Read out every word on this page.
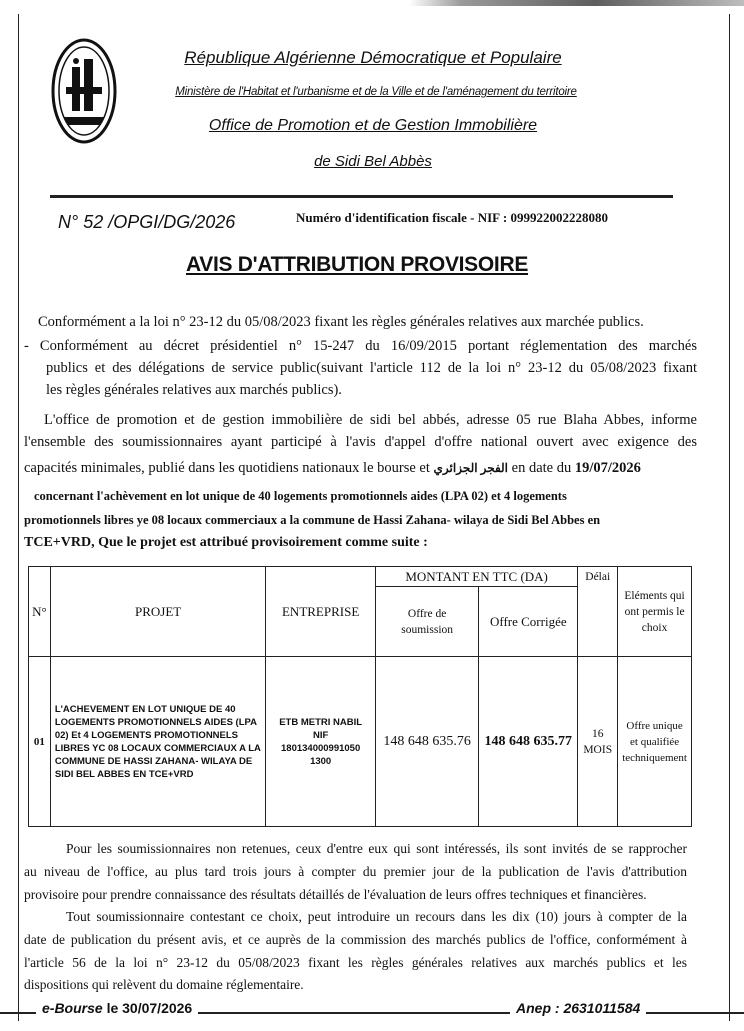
République Algérienne Démocratique et Populaire
Ministère de l'Habitat et l'urbanisme et de la Ville et de l'aménagement du territoire
Office de Promotion et de Gestion Immobilière
de Sidi Bel Abbès
N° 52 /OPGI/DG/2026	Numéro d'identification fiscale - NIF : 099922002228080
AVIS D'ATTRIBUTION PROVISOIRE
Conformément a la loi n° 23-12 du 05/08/2023 fixant les règles générales relatives aux marchée publics.
- Conformément au décret présidentiel n° 15-247 du 16/09/2015 portant réglementation des marchés
publics et des délégations de service public(suivant l'article 112 de la loi n° 23-12 du 05/08/2023 fixant
les règles générales relatives aux marchés publics).
L'office de promotion et de gestion immobilière de sidi bel abbés, adresse 05 rue Blaha Abbes, informe
l'ensemble des soumissionnaires ayant participé à l'avis d'appel d'offre national ouvert avec exigence des
capacités minimales, publié dans les quotidiens nationaux le bourse et الفجر الجزائري en date du 19/07/2026
concernant l'achèvement en lot unique de 40 logements promotionnels aides (LPA 02) et 4 logements
promotionnels libres ye 08 locaux commerciaux a la commune de Hassi Zahana- wilaya de Sidi Bel Abbes en
TCE+VRD, Que le projet est attribué provisoirement comme suite :
N°	PROJET	ENTREPRISE	MONTANT EN TTC (DA)		Délai	Eléments qui ont permis le choix
			Offre de soumission	Offre Corrigée		
01	L'ACHEVEMENT EN LOT UNIQUE DE 40 LOGEMENTS PROMOTIONNELS AIDES (LPA 02) Et 4 LOGEMENTS PROMOTIONNELS LIBRES YC 08 LOCAUX COMMERCIAUX A LA COMMUNE DE HASSI ZAHANA- WILAYA DE SIDI BEL ABBES EN TCE+VRD	ETB METRI NABIL NIF 180134000991050​1300	148 648 635.76	148 648 635.77	16 MOIS	Offre unique et qualifiée techniquement
Pour les soumissionnaires non retenues, ceux d'entre eux qui sont intéressés, ils sont invités de se rapprocher
au niveau de l'office, au plus tard trois jours à compter du premier jour de la publication de l'avis d'attribution
provisoire pour prendre connaissance des résultats détaillés de l'évaluation de leurs offres techniques et financières.
Tout soumissionnaire contestant ce choix, peut introduire un recours dans les dix (10) jours à compter de la
date de publication du présent avis, et ce auprès de la commission des marchés publics de l'office, conformément à
l'article 56 de la loi n° 23-12 du 05/08/2023 fixant les règles générales relatives aux marchés publics et les
dispositions qui relèvent du domaine réglementaire.
e-Bourse le 30/07/2026	Anep : 2631011584
